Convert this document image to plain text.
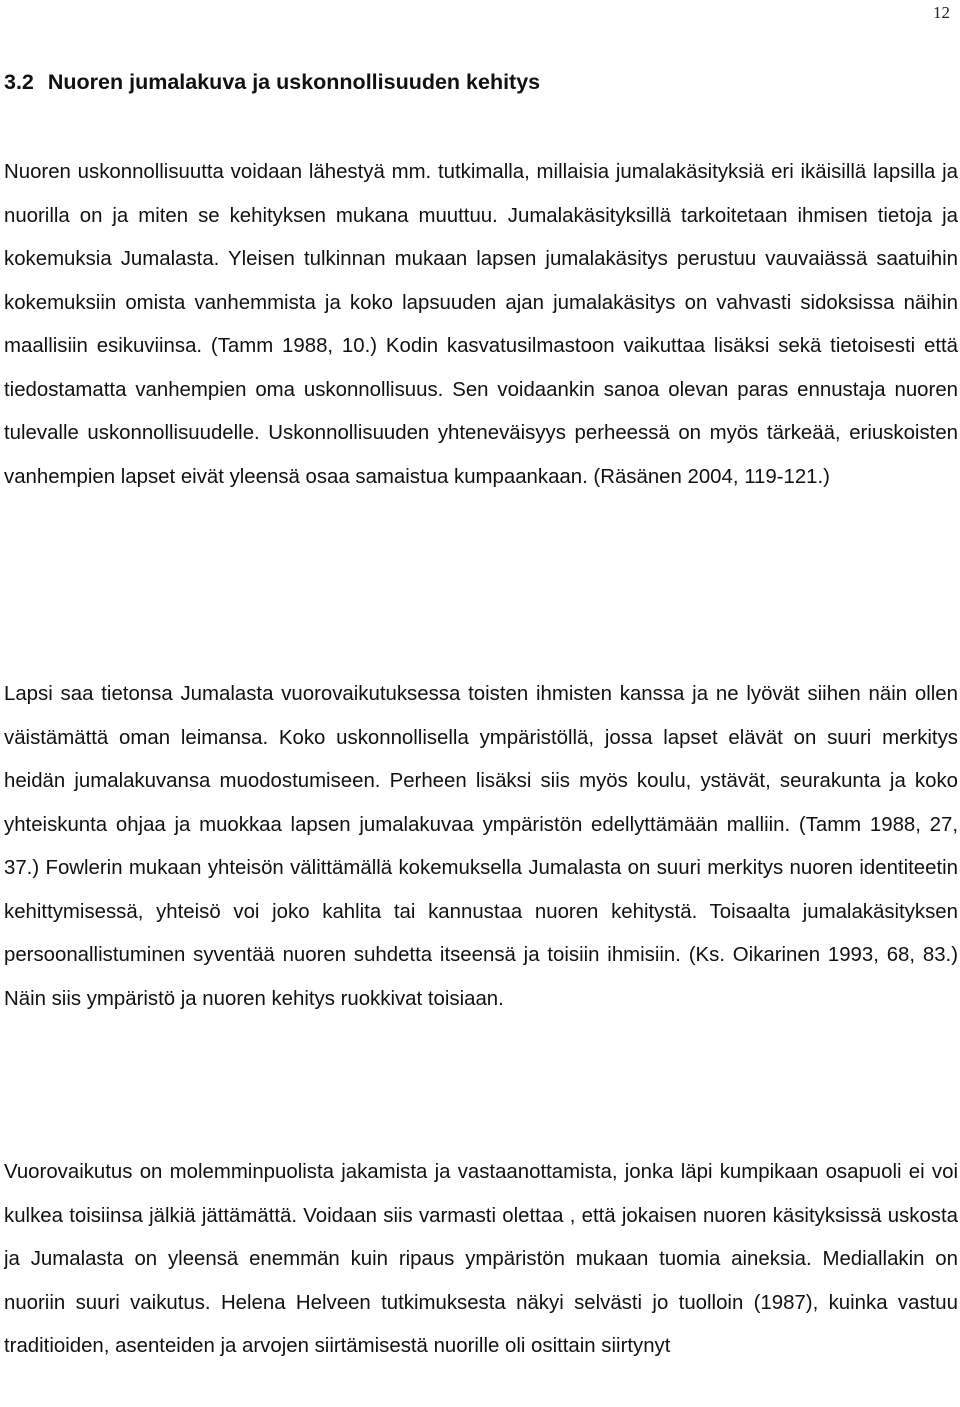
12
3.2 Nuoren jumalakuva ja uskonnollisuuden kehitys

Nuoren uskonnollisuutta voidaan lähestyä mm. tutkimalla, millaisia jumalakäsityksiä eri ikäisillä lapsilla ja nuorilla on ja miten se kehityksen mukana muuttuu. Jumalakäsityksillä tarkoitetaan ihmisen tietoja ja kokemuksia Jumalasta. Yleisen tulkinnan mukaan lapsen jumalakäsitys perustuu vauvaiässä saatuihin kokemuksiin omista vanhemmista ja koko lapsuuden ajan jumalakäsitys on vahvasti sidoksissa näihin maallisiin esikuviinsa. (Tamm 1988, 10.) Kodin kasvatusilmastoon vaikuttaa lisäksi sekä tietoisesti että tiedostamatta vanhempien oma uskonnollisuus. Sen voidaankin sanoa olevan paras ennustaja nuoren tulevalle uskonnollisuudelle. Uskonnollisuuden yhteneväisyys perheessä on myös tärkeää, eriuskoisten vanhempien lapset eivät yleensä osaa samaistua kumpaankaan. (Räsänen 2004, 119-121.)

Lapsi saa tietonsa Jumalasta vuorovaikutuksessa toisten ihmisten kanssa ja ne lyövät siihen näin ollen väistämättä oman leimansa. Koko uskonnollisella ympäristöllä, jossa lapset elävät on suuri merkitys heidän jumalakuvansa muodostumiseen. Perheen lisäksi siis myös koulu, ystävät, seurakunta ja koko yhteiskunta ohjaa ja muokkaa lapsen jumalakuvaa ympäristön edellyttämään malliin. (Tamm 1988, 27, 37.) Fowlerin mukaan yhteisön välittämällä kokemuksella Jumalasta on suuri merkitys nuoren identiteetin kehittymisessä, yhteisö voi joko kahlita tai kannustaa nuoren kehitystä. Toisaalta jumalakäsityksen persoonallistuminen syventää nuoren suhdetta itseensä ja toisiin ihmisiin. (Ks. Oikarinen 1993, 68, 83.) Näin siis ympäristö ja nuoren kehitys ruokkivat toisiaan.

Vuorovaikutus on molemminpuolista jakamista ja vastaanottamista, jonka läpi kumpikaan osapuoli ei voi kulkea toisiinsa jälkiä jättämättä. Voidaan siis varmasti olettaa , että jokaisen nuoren käsityksissä uskosta ja Jumalasta on yleensä enemmän kuin ripaus ympäristön mukaan tuomia aineksia. Mediallakin on nuoriin suuri vaikutus. Helena Helveen tutkimuksesta näkyi selvästi jo tuolloin (1987), kuinka vastuu traditioiden, asenteiden ja arvojen siirtämisestä nuorille oli osittain siirtynyt
